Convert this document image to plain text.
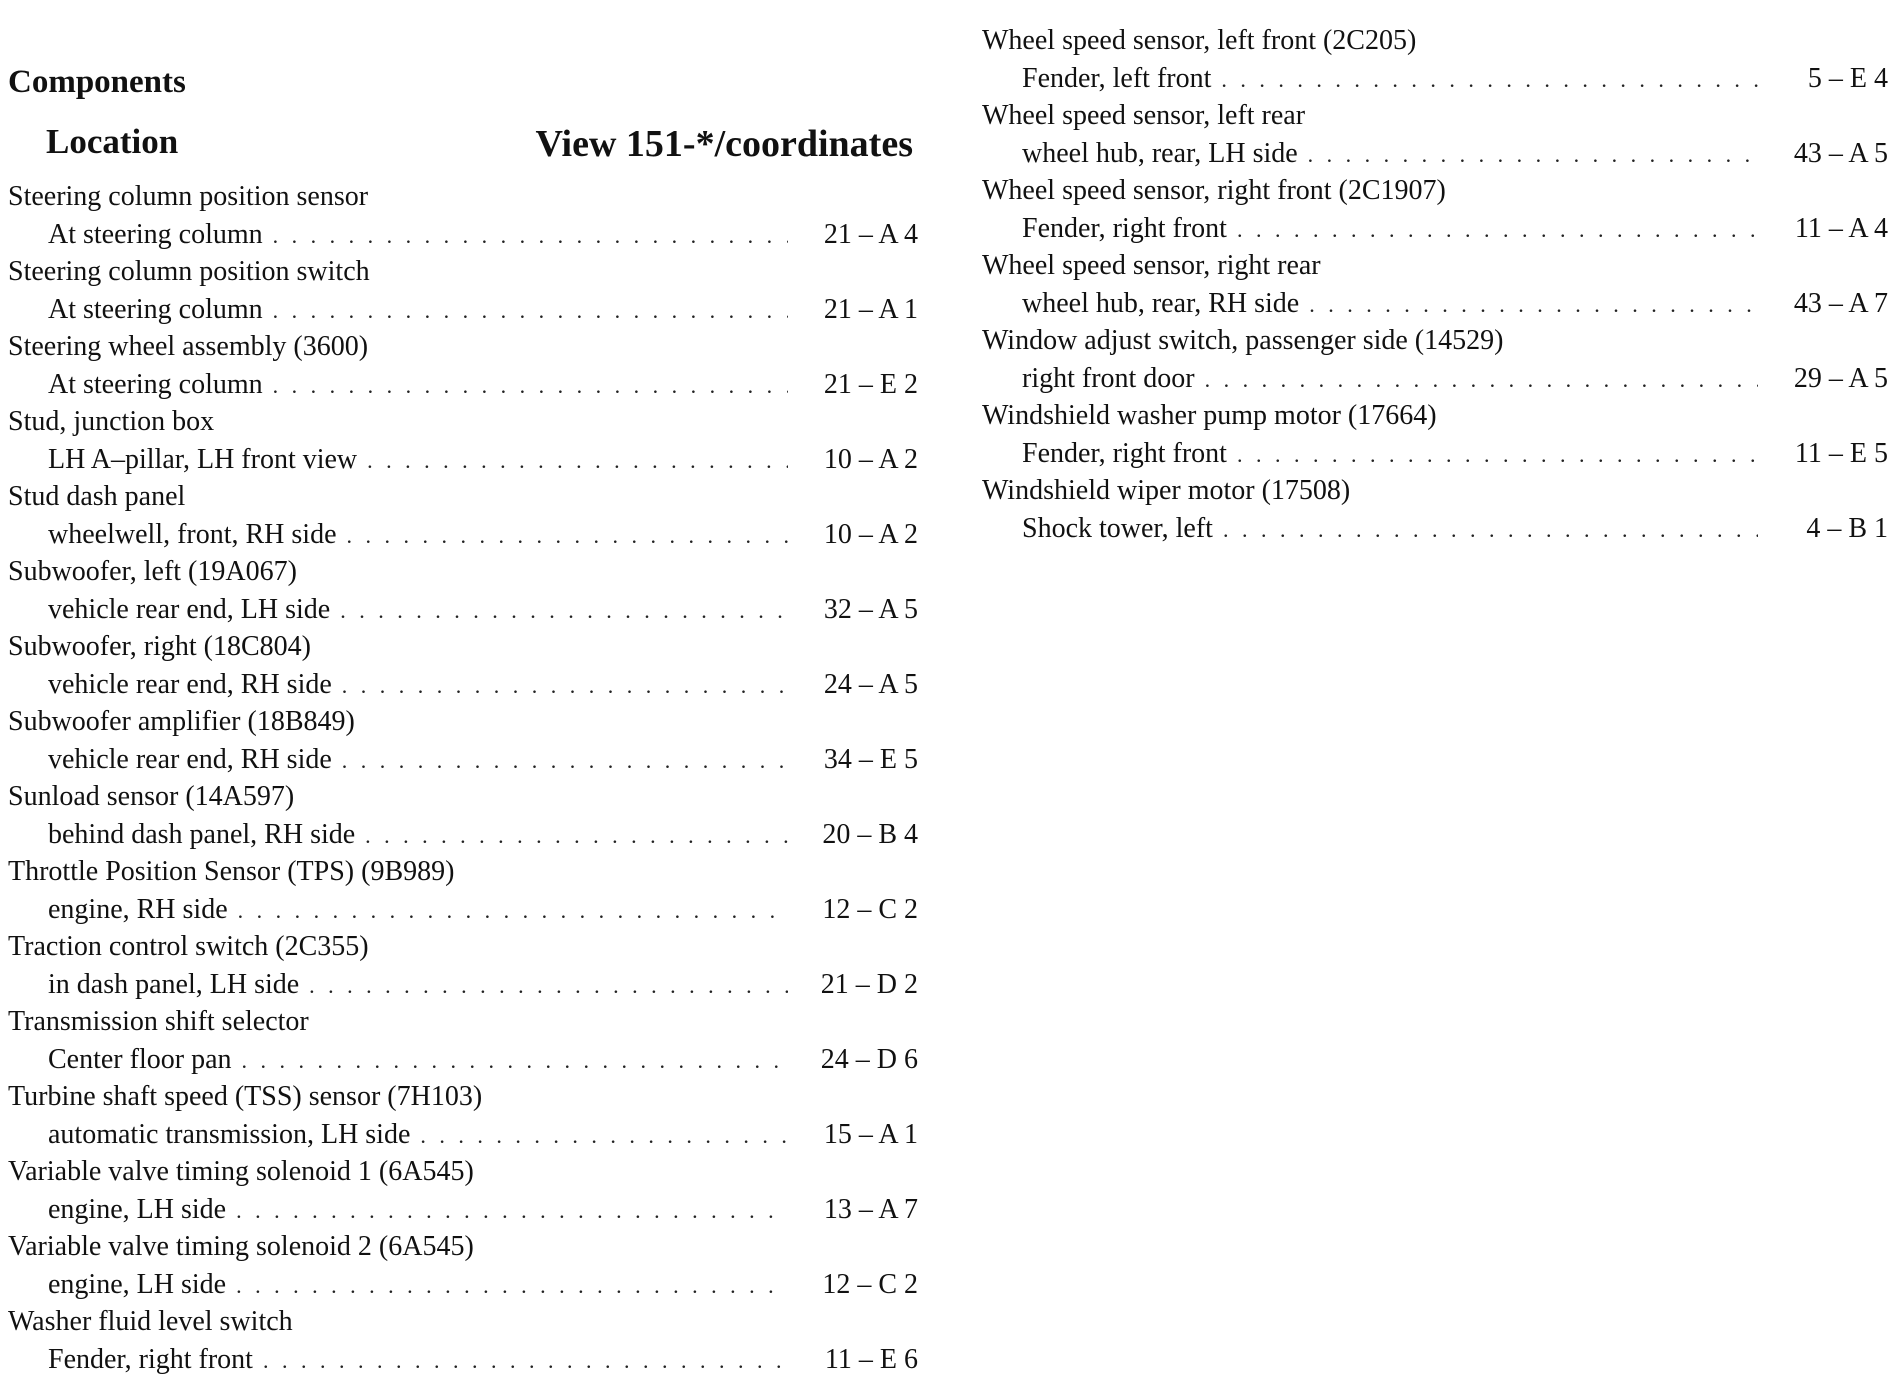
Components
Location	View 151-*/coordinates
Steering column position sensor
At steering column . . .	21 – A 4
Steering column position switch
At steering column . . .	21 – A 1
Steering wheel assembly (3600)
At steering column . . .	21 – E 2
Stud, junction box
LH A–pillar, LH front view . . .	10 – A 2
Stud dash panel
wheelwell, front, RH side . . .	10 – A 2
Subwoofer, left (19A067)
vehicle rear end, LH side . . .	32 – A 5
Subwoofer, right (18C804)
vehicle rear end, RH side . . .	24 – A 5
Subwoofer amplifier (18B849)
vehicle rear end, RH side . . .	34 – E 5
Sunload sensor (14A597)
behind dash panel, RH side . . .	20 – B 4
Throttle Position Sensor (TPS) (9B989)
engine, RH side . . .	12 – C 2
Traction control switch (2C355)
in dash panel, LH side . . .	21 – D 2
Transmission shift selector
Center floor pan . . .	24 – D 6
Turbine shaft speed (TSS) sensor (7H103)
automatic transmission, LH side . . .	15 – A 1
Variable valve timing solenoid 1 (6A545)
engine, LH side . . .	13 – A 7
Variable valve timing solenoid 2 (6A545)
engine, LH side . . .	12 – C 2
Washer fluid level switch
Fender, right front . . .	11 – E 6
Wheel speed sensor, left front (2C205)
Fender, left front . . .	5 – E 4
Wheel speed sensor, left rear
wheel hub, rear, LH side . . .	43 – A 5
Wheel speed sensor, right front (2C1907)
Fender, right front . . .	11 – A 4
Wheel speed sensor, right rear
wheel hub, rear, RH side . . .	43 – A 7
Window adjust switch, passenger side (14529)
right front door . . .	29 – A 5
Windshield washer pump motor (17664)
Fender, right front . . .	11 – E 5
Windshield wiper motor (17508)
Shock tower, left . . .	4 – B 1
